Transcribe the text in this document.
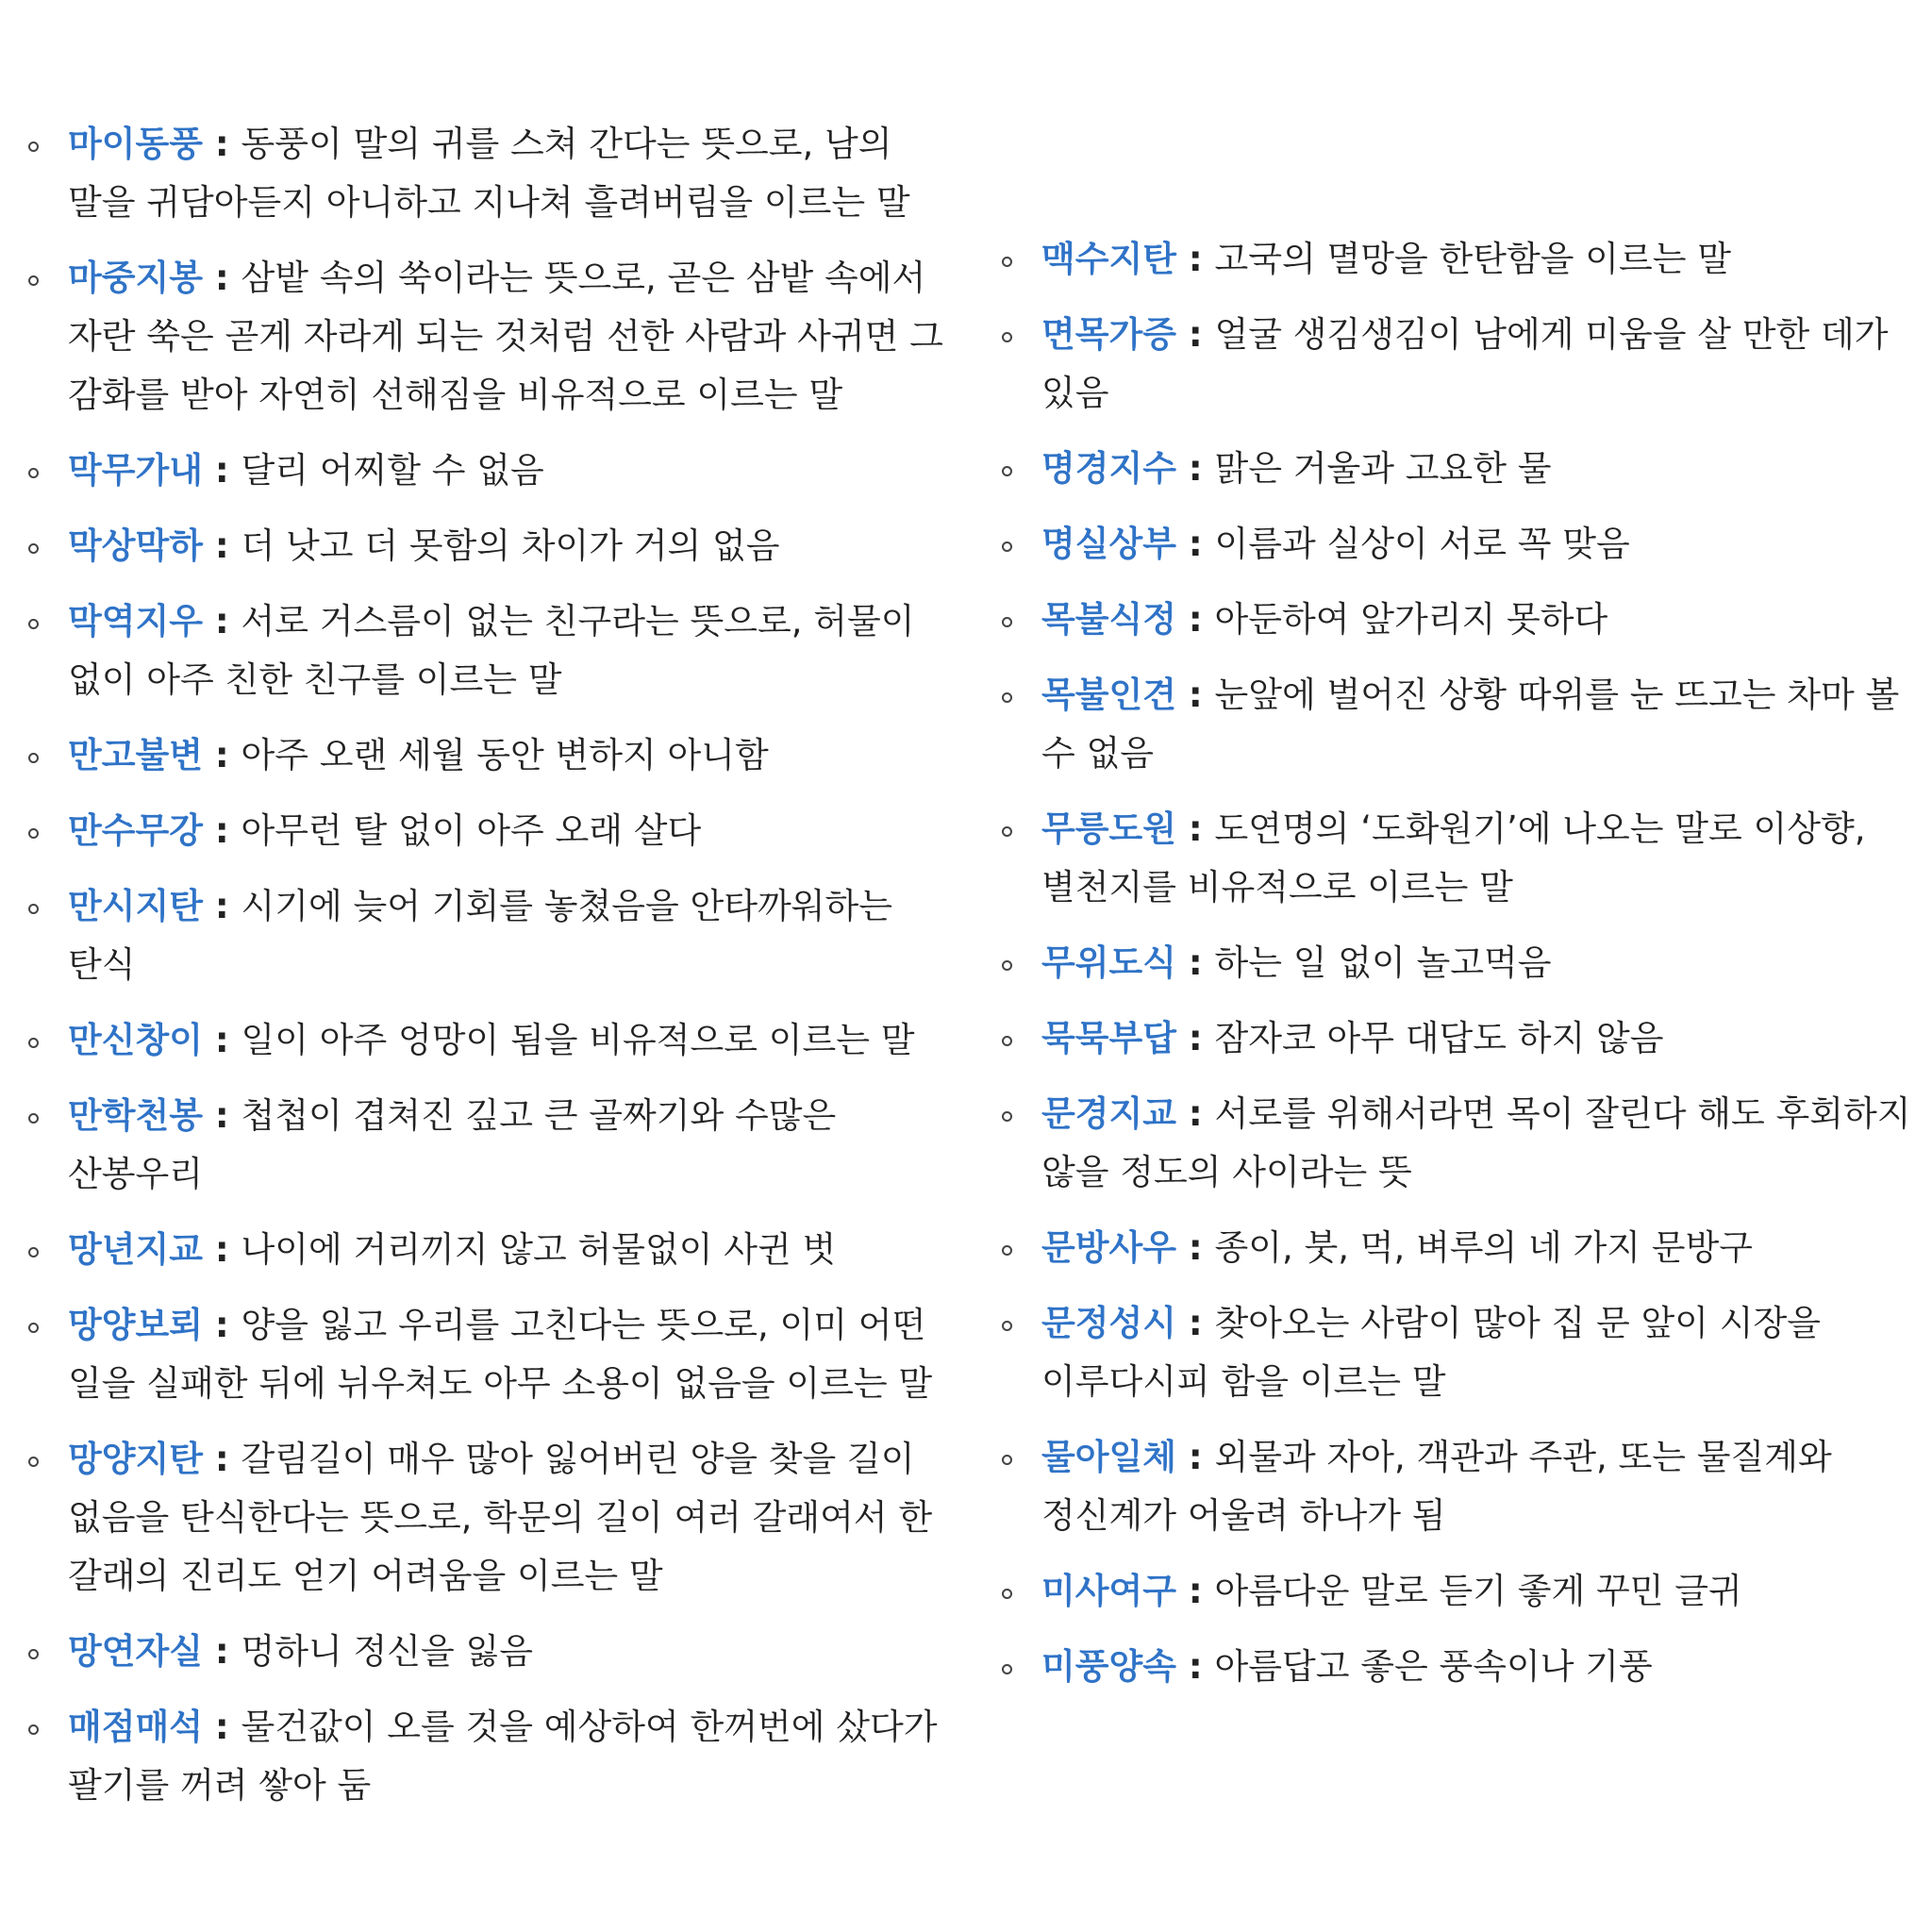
마이동풍 : 동풍이 말의 귀를 스쳐 간다는 뜻으로, 남의 말을 귀담아듣지 아니하고 지나쳐 흘려버림을 이르는 말
마중지봉 : 삼밭 속의 쑥이라는 뜻으로, 곧은 삼밭 속에서 자란 쑥은 곧게 자라게 되는 것처럼 선한 사람과 사귀면 그 감화를 받아 자연히 선해짐을 비유적으로 이르는 말
막무가내 : 달리 어찌할 수 없음
막상막하 : 더 낫고 더 못함의 차이가 거의 없음
막역지우 : 서로 거스름이 없는 친구라는 뜻으로, 허물이 없이 아주 친한 친구를 이르는 말
만고불변 : 아주 오랜 세월 동안 변하지 아니함
만수무강 : 아무런 탈 없이 아주 오래 살다
만시지탄 : 시기에 늦어 기회를 놓쳤음을 안타까워하는 탄식
만신창이 : 일이 아주 엉망이 됨을 비유적으로 이르는 말
만학천봉 : 첩첩이 겹쳐진 깊고 큰 골짜기와 수많은 산봉우리
망년지교 : 나이에 거리끼지 않고 허물없이 사귄 벗
망양보뢰 : 양을 잃고 우리를 고친다는 뜻으로, 이미 어떤 일을 실패한 뒤에 뉘우쳐도 아무 소용이 없음을 이르는 말
망양지탄 : 갈림길이 매우 많아 잃어버린 양을 찾을 길이 없음을 탄식한다는 뜻으로, 학문의 길이 여러 갈래여서 한 갈래의 진리도 얻기 어려움을 이르는 말
망연자실 : 멍하니 정신을 잃음
매점매석 : 물건값이 오를 것을 예상하여 한꺼번에 샀다가 팔기를 꺼려 쌓아 둠
맥수지탄 : 고국의 멸망을 한탄함을 이르는 말
면목가증 : 얼굴 생김생김이 남에게 미움을 살 만한 데가 있음
명경지수 : 맑은 거울과 고요한 물
명실상부 : 이름과 실상이 서로 꼭 맞음
목불식정 : 아둔하여 앞가리지 못하다
목불인견 : 눈앞에 벌어진 상황 따위를 눈 뜨고는 차마 볼 수 없음
무릉도원 : 도연명의 ‘도화원기’에 나오는 말로 이상향, 별천지를 비유적으로 이르는 말
무위도식 : 하는 일 없이 놀고먹음
묵묵부답 : 잠자코 아무 대답도 하지 않음
문경지교 : 서로를 위해서라면 목이 잘린다 해도 후회하지 않을 정도의 사이라는 뜻
문방사우 : 종이, 붓, 먹, 벼루의 네 가지 문방구
문정성시 : 찾아오는 사람이 많아 집 문 앞이 시장을 이루다시피 함을 이르는 말
물아일체 : 외물과 자아, 객관과 주관, 또는 물질계와 정신계가 어울려 하나가 됨
미사여구 : 아름다운 말로 듣기 좋게 꾸민 글귀
미풍양속 : 아름답고 좋은 풍속이나 기풍
